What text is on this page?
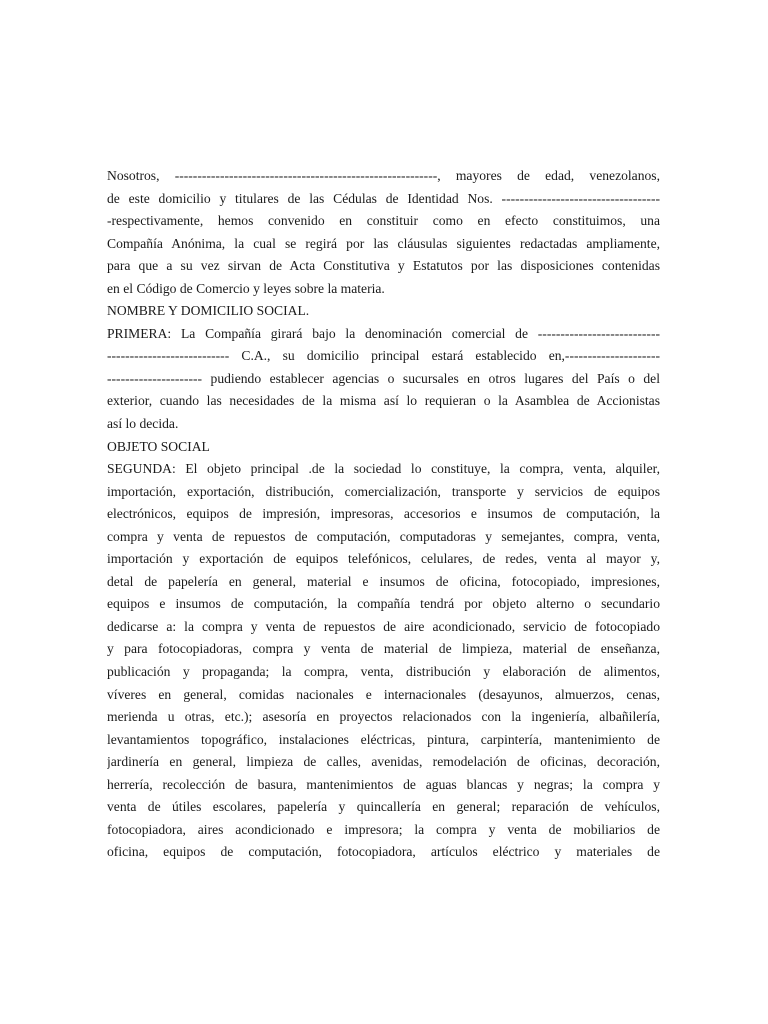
Nosotros, ----------------------------------------------------------, mayores de edad, venezolanos,
de este domicilio y titulares de las Cédulas de Identidad Nos. -----------------------------------
-respectivamente, hemos convenido en constituir como en efecto constituimos, una
Compañía Anónima, la cual se regirá por las cláusulas siguientes redactadas ampliamente,
para que a su vez sirvan de Acta Constitutiva y Estatutos por las disposiciones contenidas
en el Código de Comercio y leyes sobre la materia.
NOMBRE Y DOMICILIO SOCIAL.
PRIMERA: La Compañía girará bajo la denominación comercial de ---------------------------
--------------------------- C.A., su domicilio principal estará establecido en,---------------------
--------------------- pudiendo establecer agencias o sucursales en otros lugares del País o del
exterior, cuando las necesidades de la misma así lo requieran o la Asamblea de Accionistas
así lo decida.
OBJETO SOCIAL
SEGUNDA: El objeto principal .de la sociedad lo constituye, la compra, venta, alquiler,
importación, exportación, distribución, comercialización, transporte y servicios de equipos
electrónicos, equipos de impresión, impresoras, accesorios e insumos de computación, la
compra y venta de repuestos de computación, computadoras y semejantes, compra, venta,
importación y exportación de equipos telefónicos, celulares, de redes, venta al mayor y,
detal de papelería en general, material e insumos de oficina, fotocopiado, impresiones,
equipos e insumos de computación, la compañía tendrá por objeto alterno o secundario
dedicarse a: la compra y venta de repuestos de aire acondicionado, servicio de fotocopiado
y para fotocopiadoras, compra y venta de material de limpieza, material de enseñanza,
publicación y propaganda; la compra, venta, distribución y elaboración de alimentos,
víveres en general, comidas nacionales e internacionales (desayunos, almuerzos, cenas,
merienda u otras, etc.); asesoría en proyectos relacionados con la ingeniería, albañilería,
levantamientos topográfico, instalaciones eléctricas, pintura, carpintería, mantenimiento de
jardinería en general, limpieza de calles, avenidas, remodelación de oficinas, decoración,
herrería, recolección de basura, mantenimientos de aguas blancas y negras; la compra y
venta de útiles escolares, papelería y quincallería en general; reparación de vehículos,
fotocopiadora, aires acondicionado e impresora; la compra y venta de mobiliarios de
oficina, equipos de computación, fotocopiadora, artículos eléctrico y materiales de
